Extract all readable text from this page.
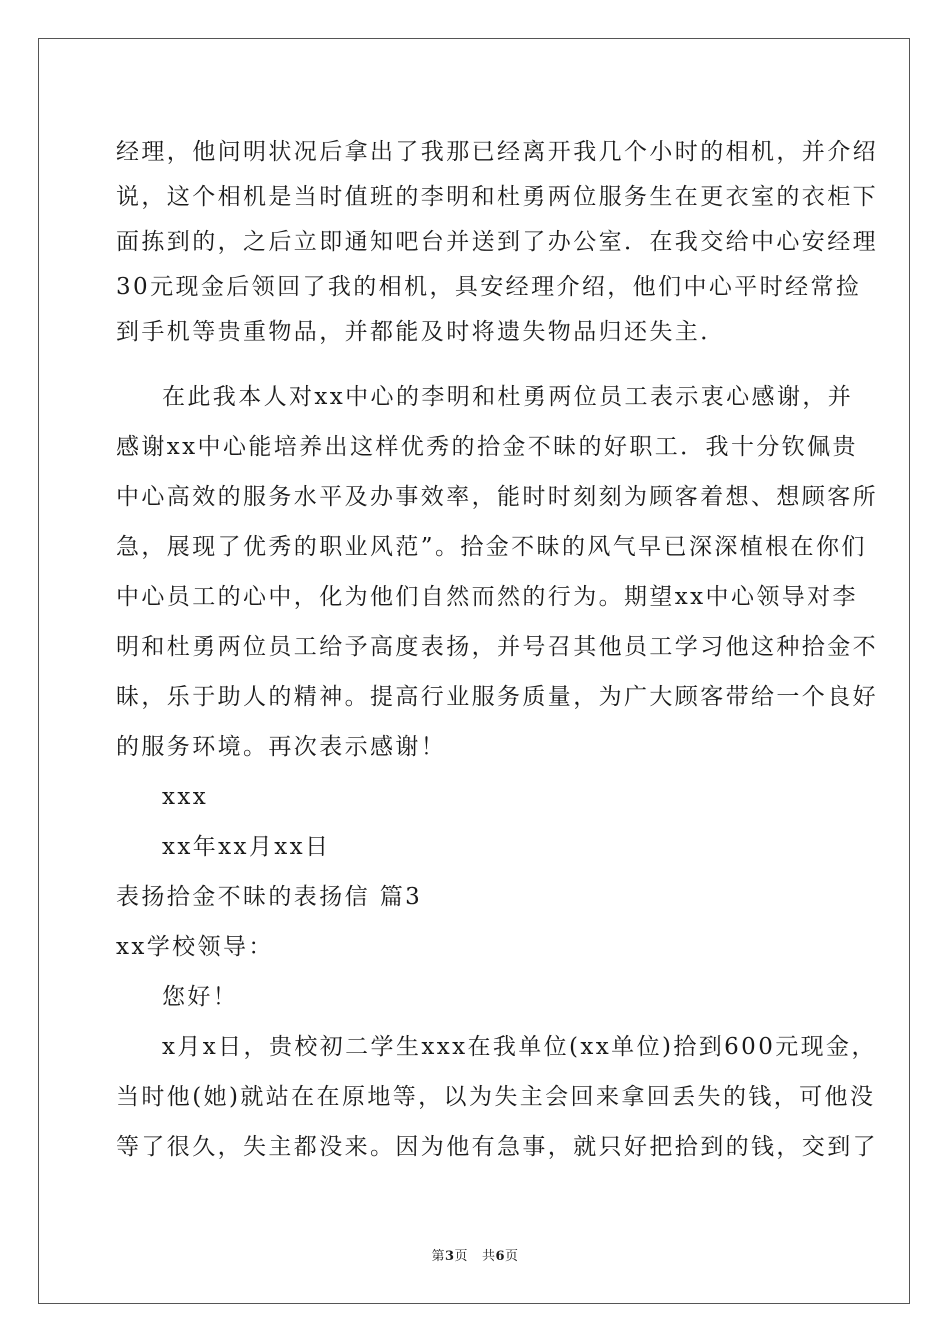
经理，他问明状况后拿出了我那已经离开我几个小时的相机，并介绍
说，这个相机是当时值班的李明和杜勇两位服务生在更衣室的衣柜下
面拣到的，之后立即通知吧台并送到了办公室．在我交给中心安经理
30元现金后领回了我的相机，具安经理介绍，他们中心平时经常捡
到手机等贵重物品，并都能及时将遗失物品归还失主．
在此我本人对xx中心的李明和杜勇两位员工表示衷心感谢，并
感谢xx中心能培养出这样优秀的拾金不昧的好职工．我十分钦佩贵
中心高效的服务水平及办事效率，能时时刻刻为顾客着想、想顾客所
急，展现了优秀的职业风范”。拾金不昧的风气早已深深植根在你们
中心员工的心中，化为他们自然而然的行为。期望xx中心领导对李
明和杜勇两位员工给予高度表扬，并号召其他员工学习他这种拾金不
昧，乐于助人的精神。提高行业服务质量，为广大顾客带给一个良好
的服务环境。再次表示感谢！
xxx
xx年xx月xx日
表扬拾金不昧的表扬信 篇3
xx学校领导：
您好！
x月x日，贵校初二学生xxx在我单位(xx单位)拾到600元现金，
当时他(她)就站在在原地等，以为失主会回来拿回丢失的钱，可他没
等了很久，失主都没来。因为他有急事，就只好把拾到的钱，交到了
第3页 共6页
